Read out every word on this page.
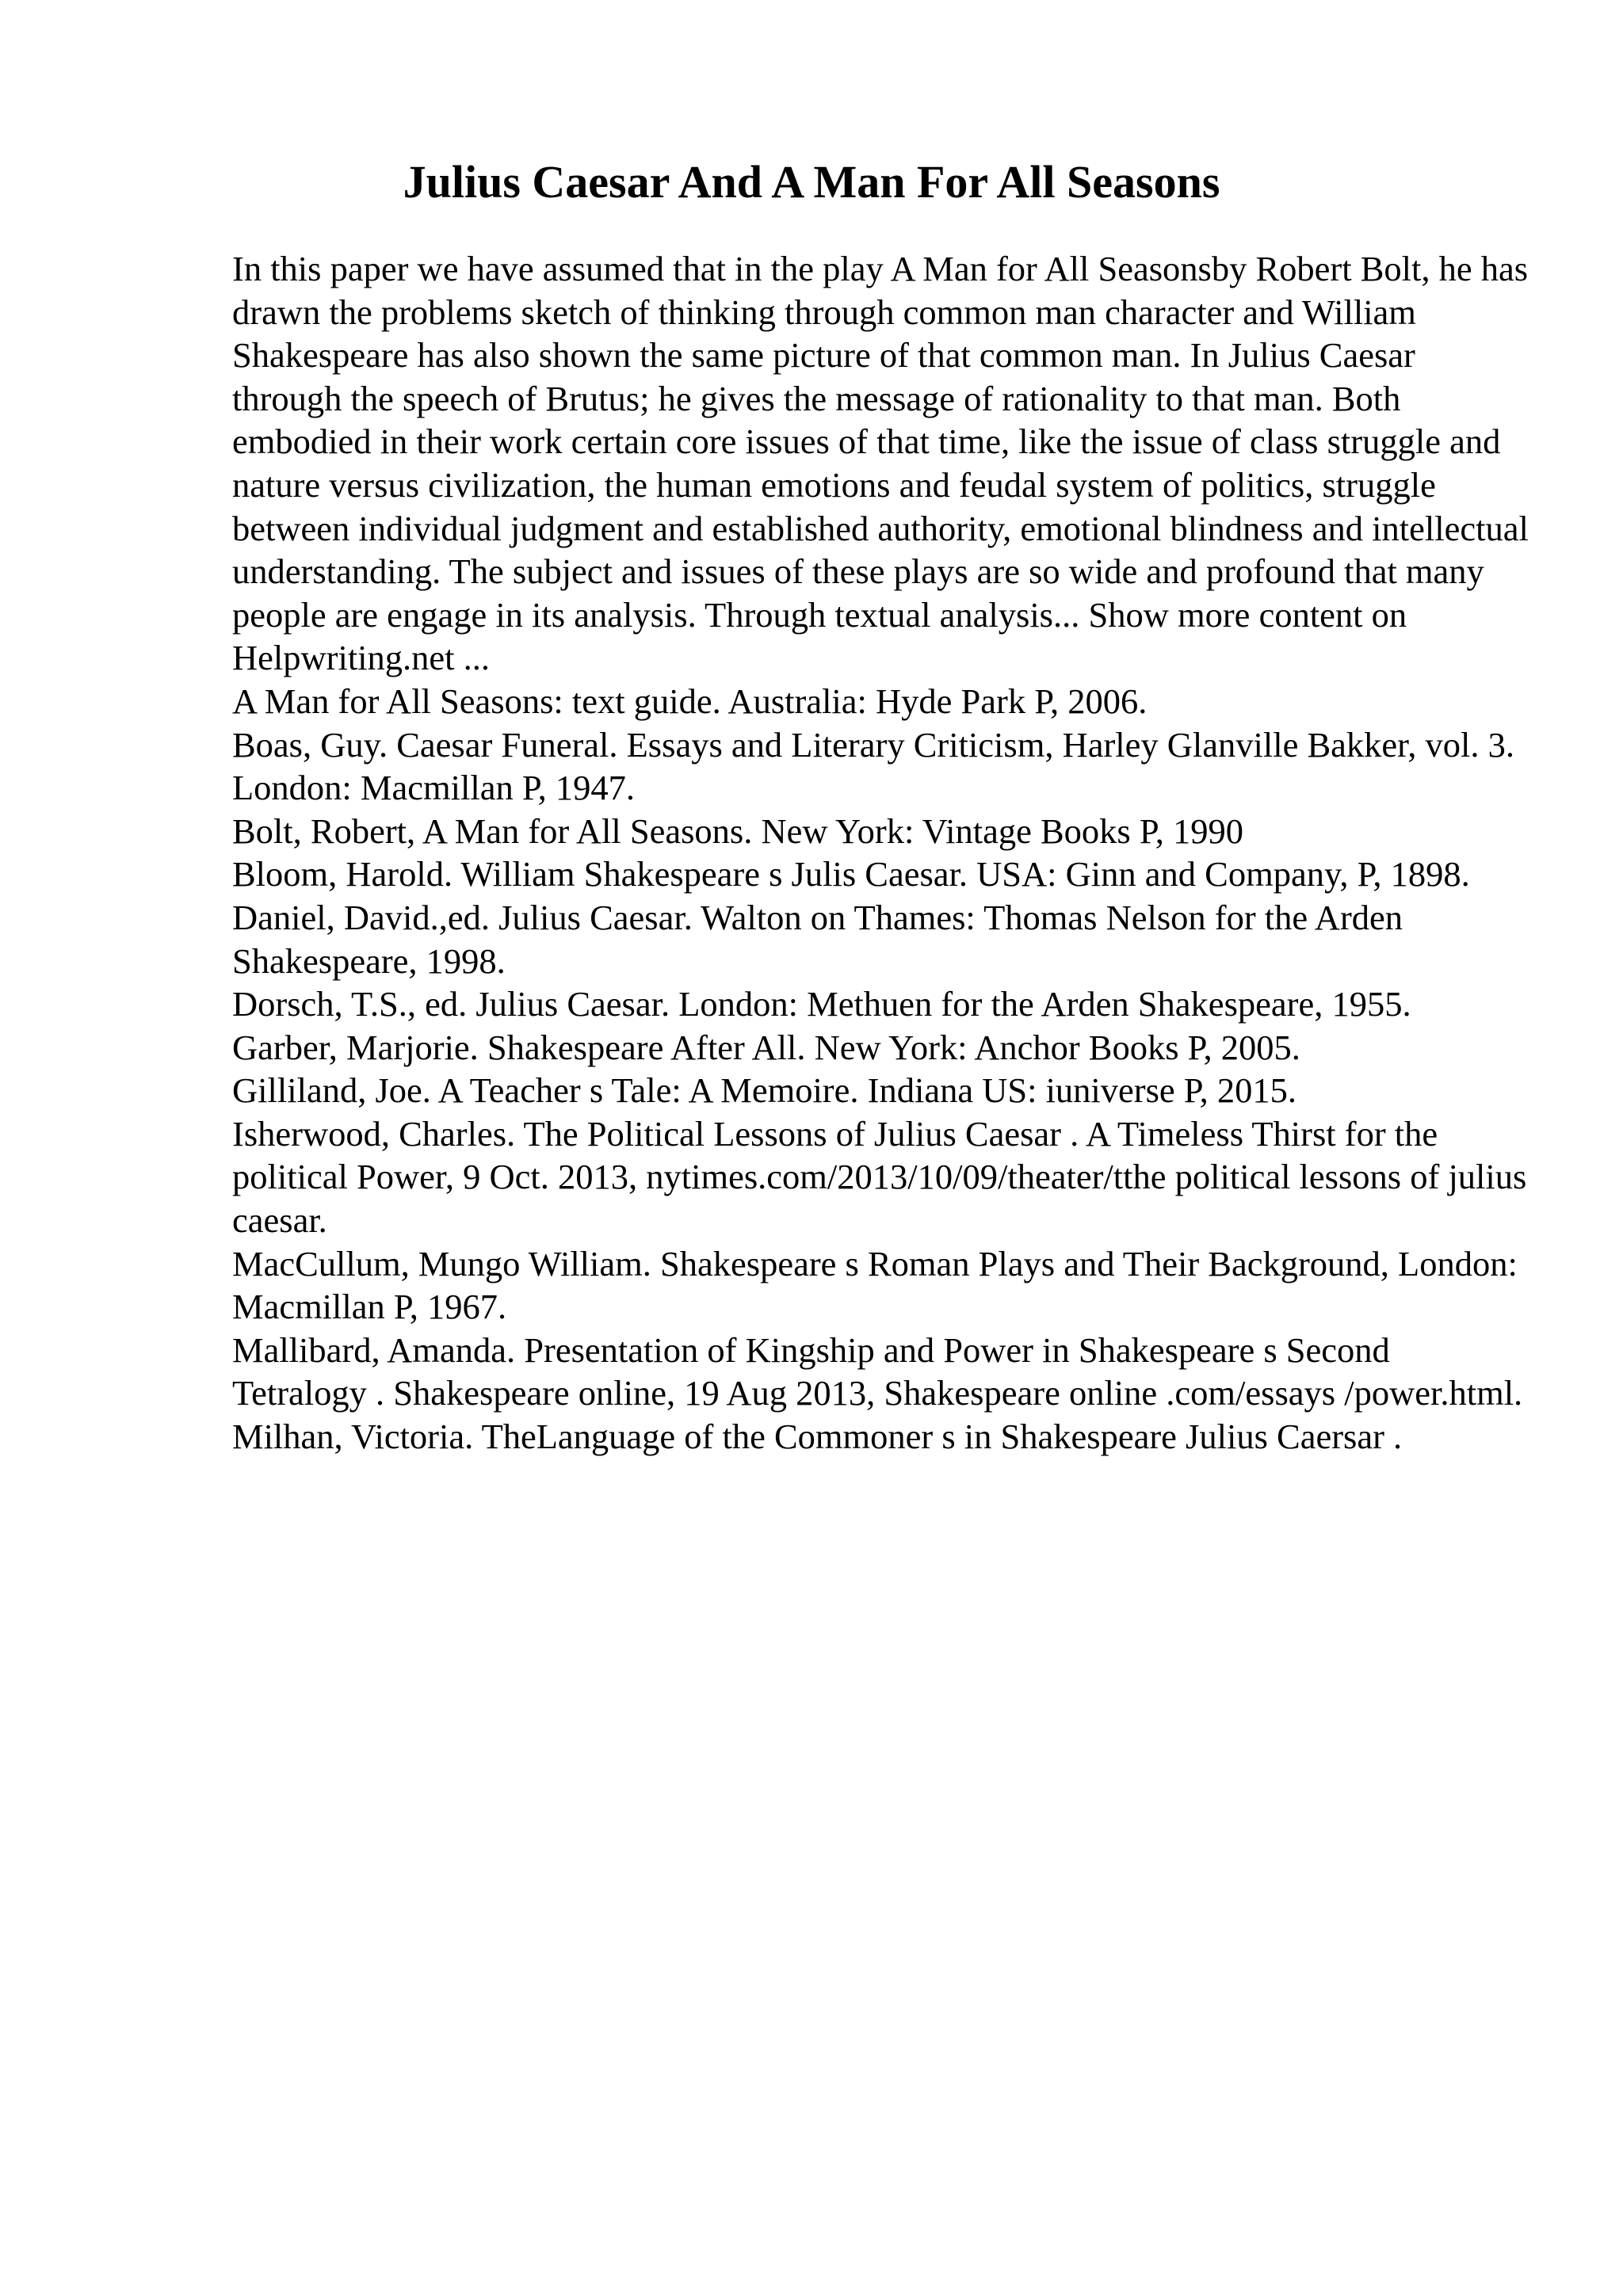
Julius Caesar And A Man For All Seasons

In this paper we have assumed that in the play A Man for All Seasonsby Robert Bolt, he has drawn the problems sketch of thinking through common man character and William Shakespeare has also shown the same picture of that common man. In Julius Caesar through the speech of Brutus; he gives the message of rationality to that man. Both embodied in their work certain core issues of that time, like the issue of class struggle and nature versus civilization, the human emotions and feudal system of politics, struggle between individual judgment and established authority, emotional blindness and intellectual understanding. The subject and issues of these plays are so wide and profound that many people are engage in its analysis. Through textual analysis... Show more content on Helpwriting.net ...

A Man for All Seasons: text guide. Australia: Hyde Park P, 2006.

Boas, Guy. Caesar Funeral. Essays and Literary Criticism, Harley Glanville Bakker, vol. 3. London: Macmillan P, 1947.

Bolt, Robert, A Man for All Seasons. New York: Vintage Books P, 1990

Bloom, Harold. William Shakespeare s Julis Caesar. USA: Ginn and Company, P, 1898.

Daniel, David.,ed. Julius Caesar. Walton on Thames: Thomas Nelson for the Arden Shakespeare, 1998.

Dorsch, T.S., ed. Julius Caesar. London: Methuen for the Arden Shakespeare, 1955.

Garber, Marjorie. Shakespeare After All. New York: Anchor Books P, 2005.

Gilliland, Joe. A Teacher s Tale: A Memoire. Indiana US: iuniverse P, 2015.

Isherwood, Charles. The Political Lessons of Julius Caesar . A Timeless Thirst for the political Power, 9 Oct. 2013, nytimes.com/2013/10/09/theater/tthe political lessons of julius caesar.

MacCullum, Mungo William. Shakespeare s Roman Plays and Their Background, London: Macmillan P, 1967.

Mallibard, Amanda. Presentation of Kingship and Power in Shakespeare s Second Tetralogy . Shakespeare online, 19 Aug 2013, Shakespeare online .com/essays /power.html.

Milhan, Victoria. TheLanguage of the Commoner s in Shakespeare Julius Caersar .
